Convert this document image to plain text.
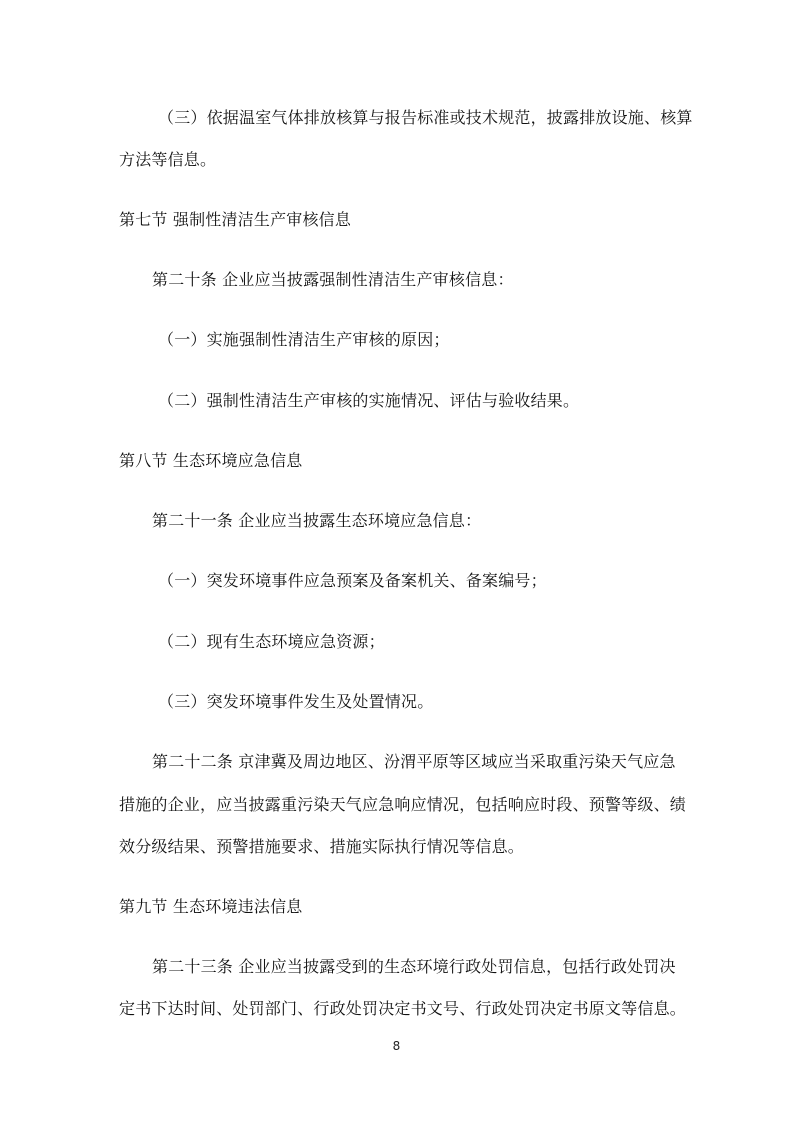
（三）依据温室气体排放核算与报告标准或技术规范，披露排放设施、核算
方法等信息。
第七节 强制性清洁生产审核信息
第二十条 企业应当披露强制性清洁生产审核信息：
（一）实施强制性清洁生产审核的原因；
（二）强制性清洁生产审核的实施情况、评估与验收结果。
第八节 生态环境应急信息
第二十一条 企业应当披露生态环境应急信息：
（一）突发环境事件应急预案及备案机关、备案编号；
（二）现有生态环境应急资源；
（三）突发环境事件发生及处置情况。
第二十二条 京津冀及周边地区、汾渭平原等区域应当采取重污染天气应急
措施的企业，应当披露重污染天气应急响应情况，包括响应时段、预警等级、绩
效分级结果、预警措施要求、措施实际执行情况等信息。
第九节 生态环境违法信息
第二十三条 企业应当披露受到的生态环境行政处罚信息，包括行政处罚决
定书下达时间、处罚部门、行政处罚决定书文号、行政处罚决定书原文等信息。
8
